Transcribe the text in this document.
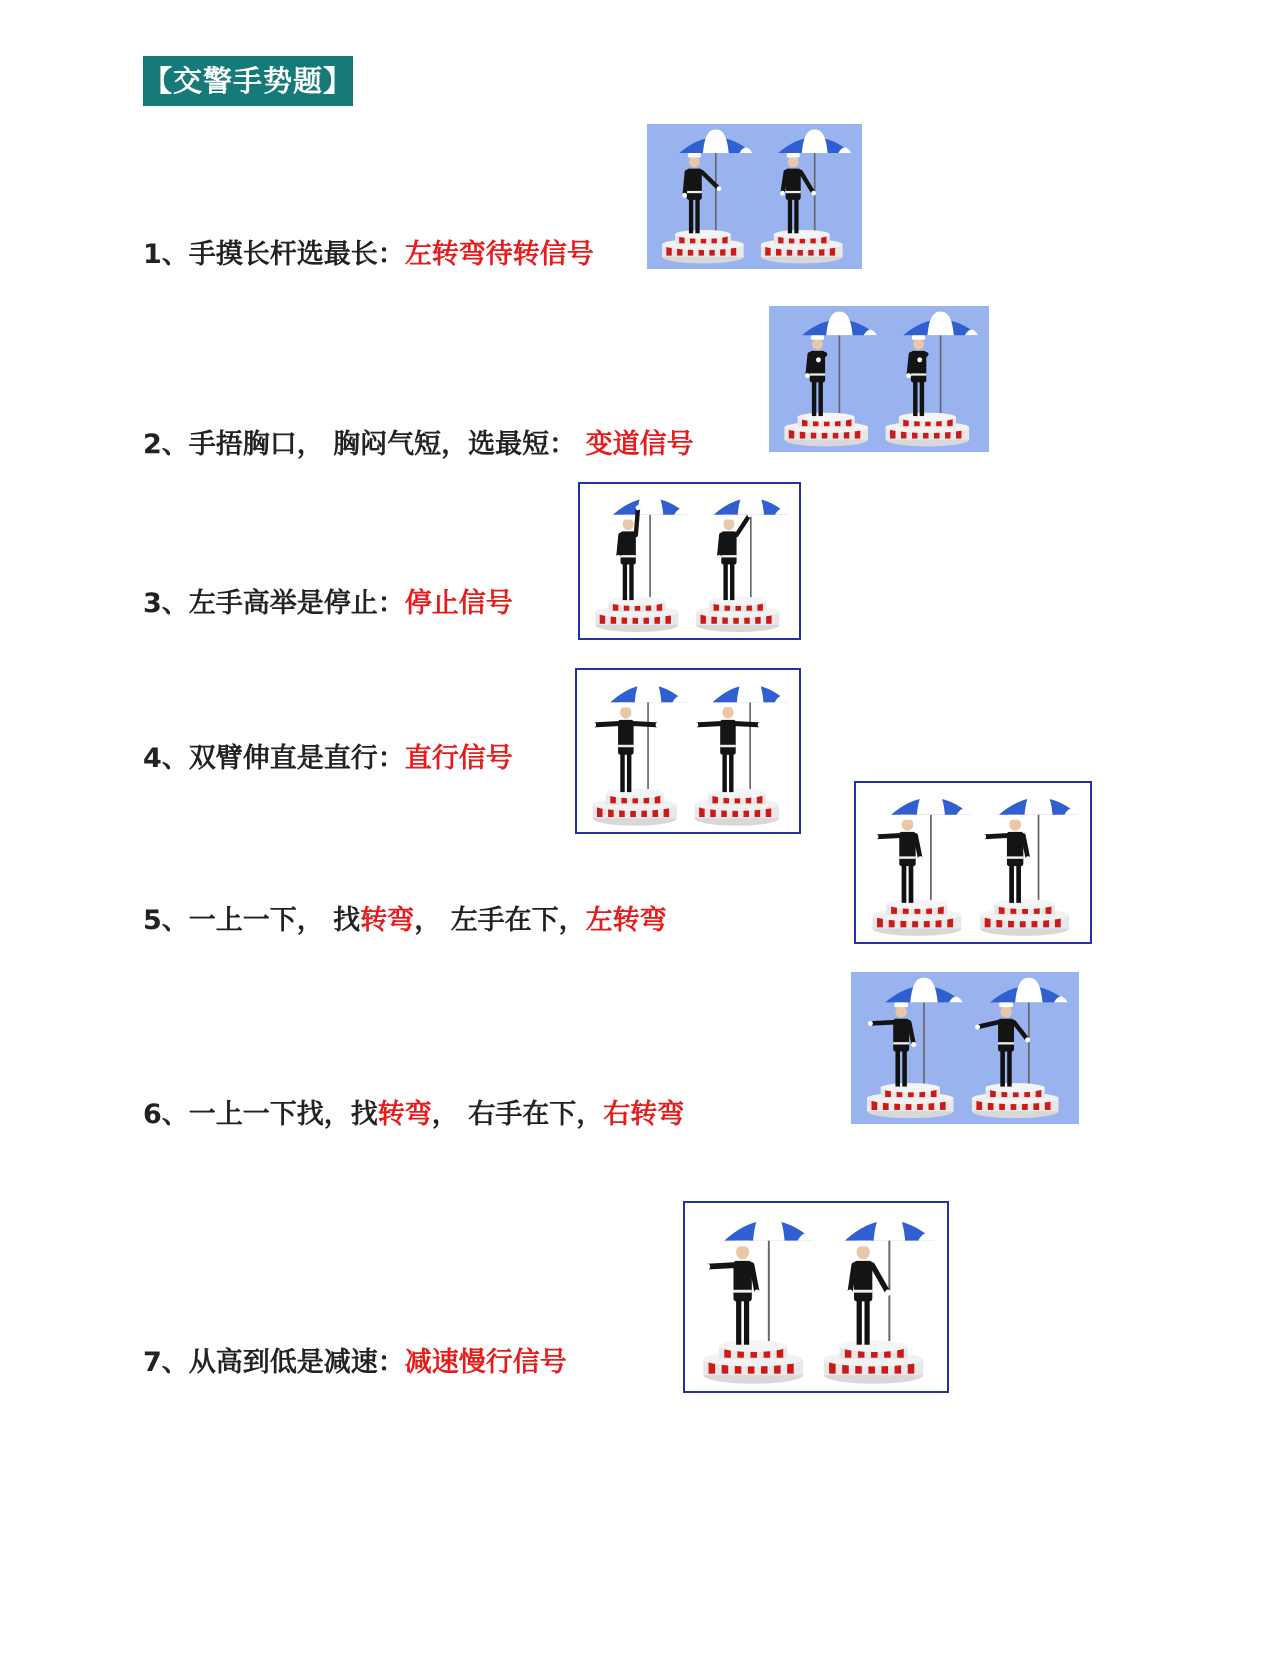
【交警手势题】
1、手摸长杆选最长：左转弯待转信号
2、手捂胸口， 胸闷气短，选最短： 变道信号
3、左手高举是停止：停止信号
4、双臂伸直是直行：直行信号
5、一上一下， 找转弯， 左手在下，左转弯
6、一上一下找，找转弯， 右手在下，右转弯
7、从高到低是减速：减速慢行信号
